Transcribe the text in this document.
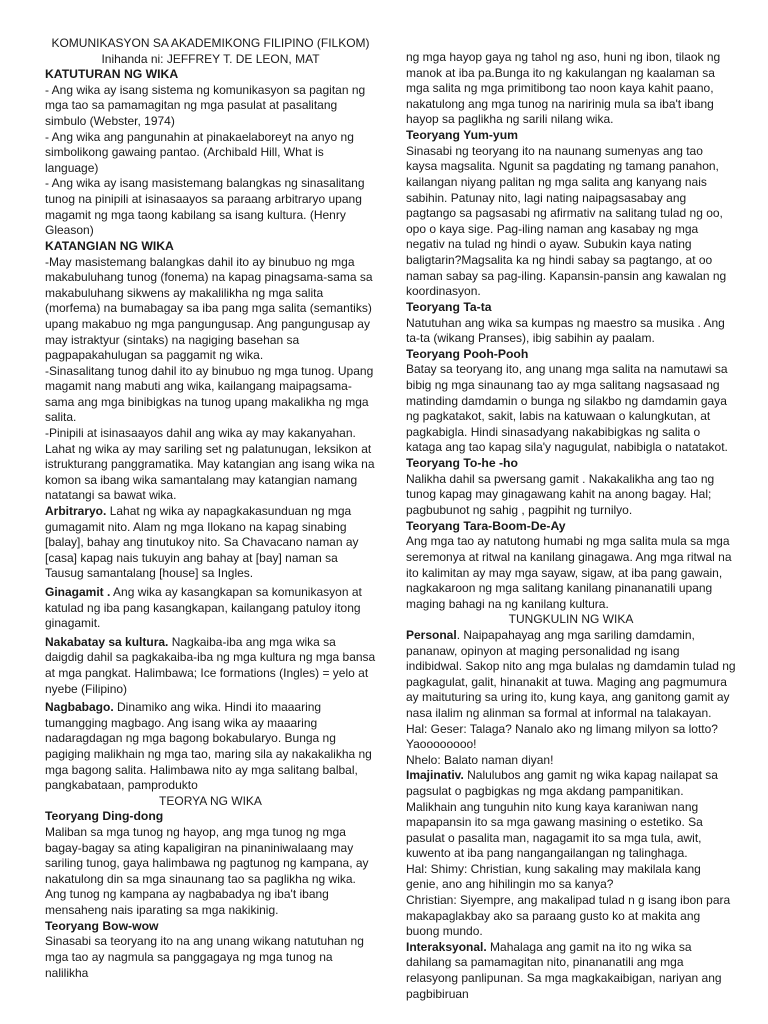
KOMUNIKASYON SA AKADEMIKONG FILIPINO (FILKOM)

Inihanda ni: JEFFREY T. DE LEON, MAT

KATUTURAN NG WIKA

- Ang wika ay isang sistema ng komunikasyon sa pagitan ng mga tao sa pamamagitan ng mga pasulat at pasalitang simbulo (Webster, 1974)

- Ang wika ang pangunahin at pinakaelaboreyt na anyo ng simbolikong gawaing pantao. (Archibald Hill, What is language)

- Ang wika ay isang masistemang balangkas ng sinasalitang tunog na pinipili at isinasaayos sa paraang arbitraryo upang magamit ng mga taong kabilang sa isang kultura. (Henry Gleason)

KATANGIAN NG WIKA

-May masistemang balangkas dahil ito ay binubuo ng mga makabuluhang tunog (fonema) na kapag pinagsama-sama sa makabuluhang sikwens ay makalilikha ng mga salita (morfema) na bumabagay sa iba pang mga salita (semantiks) upang makabuo ng mga pangungusap. Ang pangungusap ay may istraktyur (sintaks) na nagiging basehan sa pagpapakahulugan sa paggamit ng wika.

-Sinasalitang tunog dahil ito ay binubuo ng mga tunog. Upang magamit nang mabuti ang wika, kailangang maipagsama-sama ang mga binibigkas na tunog upang makalikha ng mga salita.

-Pinipili at isinasaayos dahil ang wika ay may kakanyahan. Lahat ng wika ay may sariling set ng palatunugan, leksikon at istrukturang panggramatika. May katangian ang isang wika na komon sa ibang wika samantalang may katangian namang natatangi sa bawat wika.

Arbitraryo. Lahat ng wika ay napagkakasunduan ng mga gumagamit nito. Alam ng mga Ilokano na kapag sinabing [balay], bahay ang tinutukoy nito. Sa Chavacano naman ay [casa] kapag nais tukuyin ang bahay at [bay] naman sa Tausug samantalang [house] sa Ingles.

Ginagamit . Ang wika ay kasangkapan sa komunikasyon at katulad ng iba pang kasangkapan, kailangang patuloy itong ginagamit.

Nakabatay sa kultura. Nagkaiba-iba ang mga wika sa daigdig dahil sa pagkakaiba-iba ng mga kultura ng mga bansa at mga pangkat. Halimbawa; Ice formations (Ingles) = yelo at nyebe (Filipino)

Nagbabago. Dinamiko ang wika. Hindi ito maaaring tumangging magbago. Ang isang wika ay maaaring nadaragdagan ng mga bagong bokabularyo. Bunga ng pagiging malikhain ng mga tao, maring sila ay nakakalikha ng mga bagong salita. Halimbawa nito ay mga salitang balbal, pangkabataan, pamprodukto

TEORYA NG WIKA

Teoryang Ding-dong

Maliban sa mga tunog ng hayop, ang mga tunog ng mga bagay-bagay sa ating kapaligiran na pinaniniwalaang may sariling tunog, gaya halimbawa ng pagtunog ng kampana, ay nakatulong din sa mga sinaunang tao sa paglikha ng wika. Ang tunog ng kampana ay nagbabadya ng iba't ibang mensaheng nais iparating sa mga nakikinig.

Teoryang Bow-wow

Sinasabi sa teoryang ito na ang unang wikang natutuhan ng mga tao ay nagmula sa panggagaya ng mga tunog na nalilikha

ng mga hayop gaya ng tahol ng aso, huni ng ibon, tilaok ng manok at iba pa.Bunga ito ng kakulangan ng kaalaman sa mga salita ng mga primitibong tao noon kaya kahit paano, nakatulong ang mga tunog na naririnig mula sa iba't ibang hayop sa paglikha ng sarili nilang wika.

Teoryang Yum-yum

Sinasabi ng teoryang ito na naunang sumenyas ang tao kaysa magsalita. Ngunit sa pagdating ng tamang panahon, kailangan niyang palitan ng mga salita ang kanyang nais sabihin. Patunay nito, lagi nating naipagsasabay ang pagtango sa pagsasabi ng afirmativ na salitang tulad ng oo, opo o kaya sige. Pag-iling naman ang kasabay ng mga negativ na tulad ng hindi o ayaw. Subukin kaya nating baligtarin?Magsalita ka ng hindi sabay sa pagtango, at oo naman sabay sa pag-iling. Kapansin-pansin ang kawalan ng koordinasyon.

Teoryang Ta-ta

Natutuhan ang wika sa kumpas ng maestro sa musika . Ang ta-ta (wikang Pranses), ibig sabihin ay paalam.

Teoryang Pooh-Pooh

Batay sa teoryang ito, ang unang mga salita na namutawi sa bibig ng mga sinaunang tao ay mga salitang nagsasaad ng matinding damdamin o bunga ng silakbo ng damdamin gaya ng pagkatakot, sakit, labis na katuwaan o kalungkutan, at pagkabigla. Hindi sinasadyang nakabibigkas ng salita o kataga ang tao kapag sila'y nagugulat, nabibigla o natatakot.

Teoryang To-he -ho

Nalikha dahil sa pwersang gamit . Nakakalikha ang tao ng tunog kapag may ginagawang kahit na anong bagay. Hal; pagbubunot ng sahig , pagpihit ng turnilyo.

Teoryang Tara-Boom-De-Ay

Ang mga tao ay natutong humabi ng mga salita mula sa mga seremonya at ritwal na kanilang ginagawa. Ang mga ritwal na ito kalimitan ay may mga sayaw, sigaw, at iba pang gawain, nagkakaroon ng mga salitang kanilang pinananatili upang maging bahagi na ng kanilang kultura.

TUNGKULIN NG WIKA

Personal. Naipapahayag ang mga sariling damdamin, pananaw, opinyon at maging personalidad ng isang indibidwal. Sakop nito ang mga bulalas ng damdamin tulad ng pagkagulat, galit, hinanakit at tuwa. Maging ang pagmumura ay maituturing sa uring ito, kung kaya, ang ganitong gamit ay nasa ilalim ng alinman sa formal at informal na talakayan.

Hal: Geser: Talaga? Nanalo ako ng limang milyon sa lotto? Yaoooooooo!

Nhelo: Balato naman diyan!

Imajinativ. Nalulubos ang gamit ng wika kapag nailapat sa pagsulat o pagbigkas ng mga akdang pampanitikan. Malikhain ang tunguhin nito kung kaya karaniwan nang mapapansin ito sa mga gawang masining o estetiko. Sa pasulat o pasalita man, nagagamit ito sa mga tula, awit, kuwento at iba pang nangangailangan ng talinghaga.

Hal: Shimy: Christian, kung sakaling may makilala kang genie, ano ang hihilingin mo sa kanya?

Christian: Siyempre, ang makalipad tulad n g isang ibon para makapaglakbay ako sa paraang gusto ko at makita ang buong mundo.

Interaksyonal. Mahalaga ang gamit na ito ng wika sa dahilang sa pamamagitan nito, pinananatili ang mga relasyong panlipunan. Sa mga magkakaibigan, nariyan ang pagbibiruan
